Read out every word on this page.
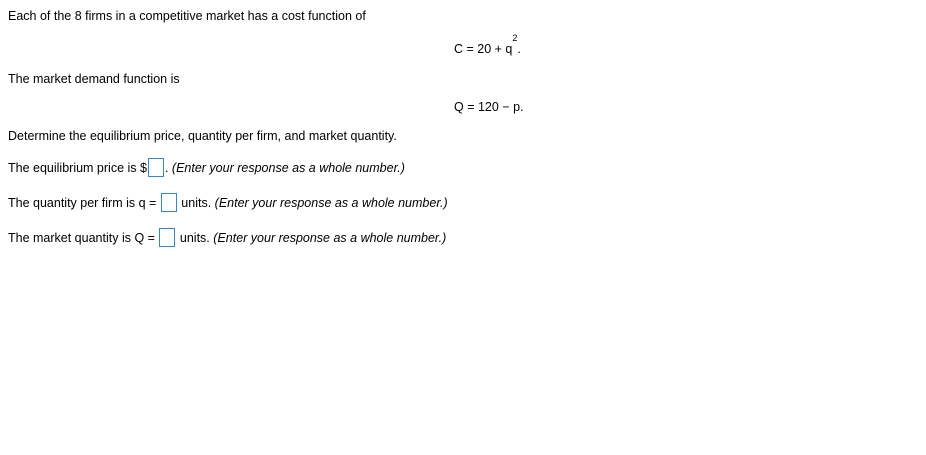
Each of the 8 firms in a competitive market has a cost function of
$C = 20 + q^2$.
The market demand function is
Q = 120 − p.
Determine the equilibrium price, quantity per firm, and market quantity.
The equilibrium price is $ . (Enter your response as a whole number.)
The quantity per firm is q = units. (Enter your response as a whole number.)
The market quantity is Q = units. (Enter your response as a whole number.)
